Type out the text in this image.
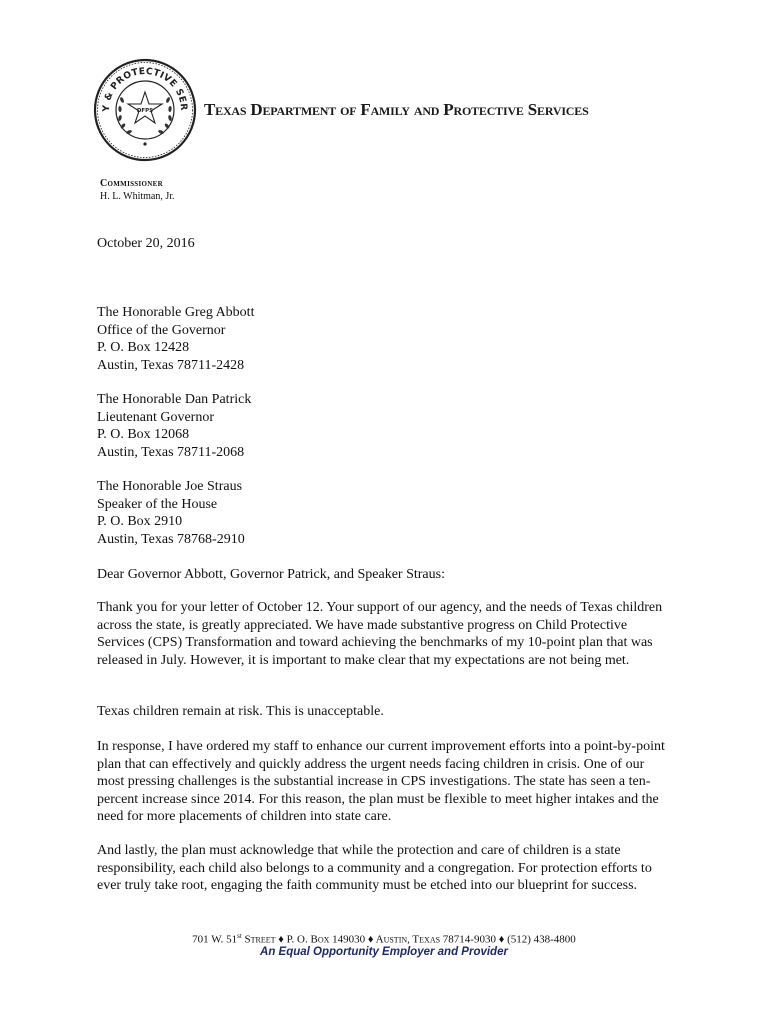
Y & PROTECTIVE SER
DFPS	Texas Department of Family and Protective Services
Commissioner
H. L. Whitman, Jr.
October 20, 2016
The Honorable Greg Abbott
Office of the Governor
P. O. Box 12428
Austin, Texas 78711-2428
The Honorable Dan Patrick
Lieutenant Governor
P. O. Box 12068
Austin, Texas 78711-2068
The Honorable Joe Straus
Speaker of the House
P. O. Box 2910
Austin, Texas 78768-2910
Dear Governor Abbott, Governor Patrick, and Speaker Straus:
Thank you for your letter of October 12. Your support of our agency, and the needs of Texas children across the state, is greatly appreciated. We have made substantive progress on Child Protective Services (CPS) Transformation and toward achieving the benchmarks of my 10-point plan that was released in July. However, it is important to make clear that my expectations are not being met.
Texas children remain at risk. This is unacceptable.
In response, I have ordered my staff to enhance our current improvement efforts into a point-by-point plan that can effectively and quickly address the urgent needs facing children in crisis. One of our most pressing challenges is the substantial increase in CPS investigations. The state has seen a ten-percent increase since 2014. For this reason, the plan must be flexible to meet higher intakes and the need for more placements of children into state care.
And lastly, the plan must acknowledge that while the protection and care of children is a state responsibility, each child also belongs to a community and a congregation. For protection efforts to ever truly take root, engaging the faith community must be etched into our blueprint for success.
701 W. 51st Street ♦ P. O. Box 149030 ♦ Austin, Texas 78714-9030 ♦ (512) 438-4800
An Equal Opportunity Employer and Provider
